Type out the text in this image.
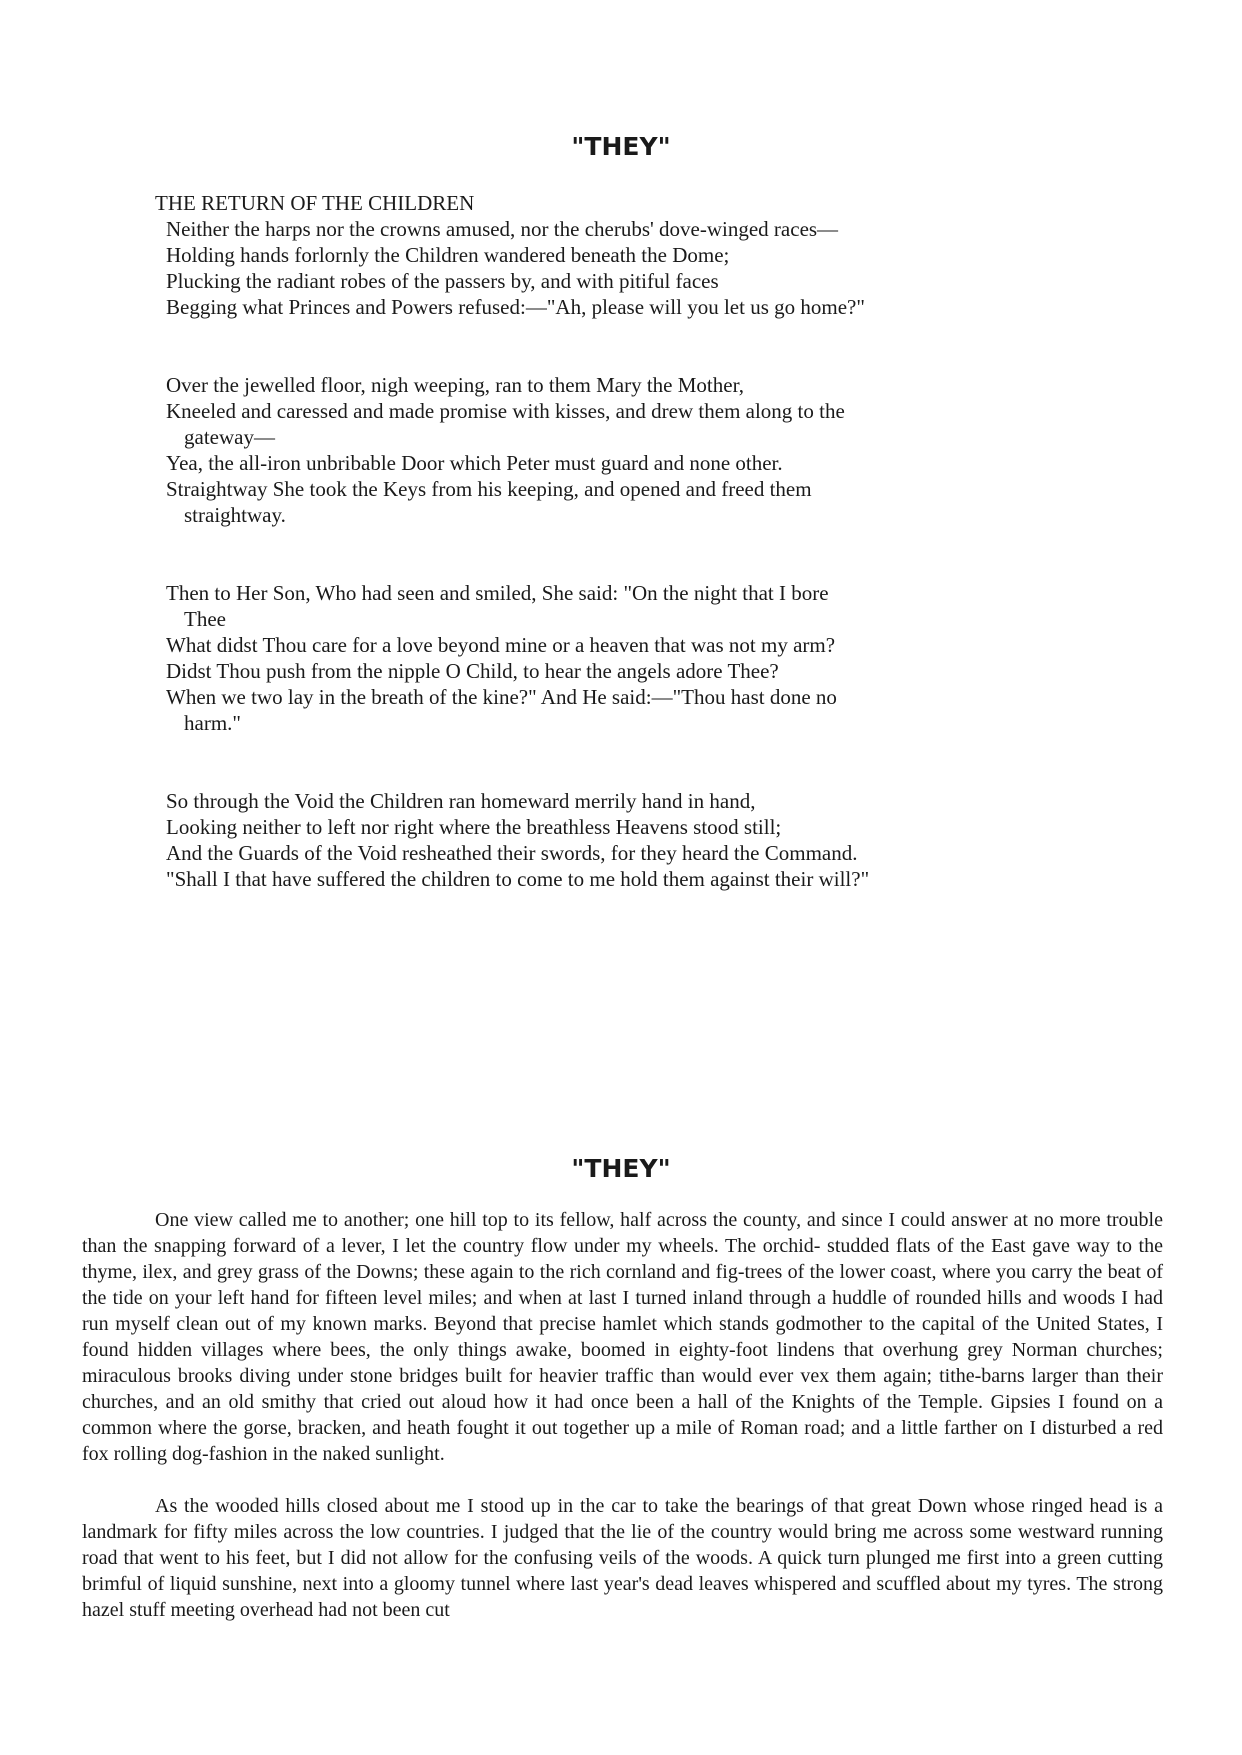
"THEY"
THE RETURN OF THE CHILDREN
Neither the harps nor the crowns amused, nor the cherubs' dove-winged races—
Holding hands forlornly the Children wandered beneath the Dome;
Plucking the radiant robes of the passers by, and with pitiful faces
Begging what Princes and Powers refused:—"Ah, please will you let us go home?"
Over the jewelled floor, nigh weeping, ran to them Mary the Mother,
Kneeled and caressed and made promise with kisses, and drew them along to the gateway—
Yea, the all-iron unbribable Door which Peter must guard and none other.
Straightway She took the Keys from his keeping, and opened and freed them straightway.
Then to Her Son, Who had seen and smiled, She said: "On the night that I bore Thee
What didst Thou care for a love beyond mine or a heaven that was not my arm?
Didst Thou push from the nipple O Child, to hear the angels adore Thee?
When we two lay in the breath of the kine?" And He said:—"Thou hast done no harm."
So through the Void the Children ran homeward merrily hand in hand,
Looking neither to left nor right where the breathless Heavens stood still;
And the Guards of the Void resheathed their swords, for they heard the Command.
"Shall I that have suffered the children to come to me hold them against their will?"
"THEY"

One view called me to another; one hill top to its fellow, half across the county, and since I could answer at no more trouble than the snapping forward of a lever, I let the country flow under my wheels. The orchid- studded flats of the East gave way to the thyme, ilex, and grey grass of the Downs; these again to the rich cornland and fig-trees of the lower coast, where you carry the beat of the tide on your left hand for fifteen level miles; and when at last I turned inland through a huddle of rounded hills and woods I had run myself clean out of my known marks. Beyond that precise hamlet which stands godmother to the capital of the United States, I found hidden villages where bees, the only things awake, boomed in eighty-foot lindens that overhung grey Norman churches; miraculous brooks diving under stone bridges built for heavier traffic than would ever vex them again; tithe-barns larger than their churches, and an old smithy that cried out aloud how it had once been a hall of the Knights of the Temple. Gipsies I found on a common where the gorse, bracken, and heath fought it out together up a mile of Roman road; and a little farther on I disturbed a red fox rolling dog-fashion in the naked sunlight.

As the wooded hills closed about me I stood up in the car to take the bearings of that great Down whose ringed head is a landmark for fifty miles across the low countries. I judged that the lie of the country would bring me across some westward running road that went to his feet, but I did not allow for the confusing veils of the woods. A quick turn plunged me first into a green cutting brimful of liquid sunshine, next into a gloomy tunnel where last year's dead leaves whispered and scuffled about my tyres. The strong hazel stuff meeting overhead had not been cut
